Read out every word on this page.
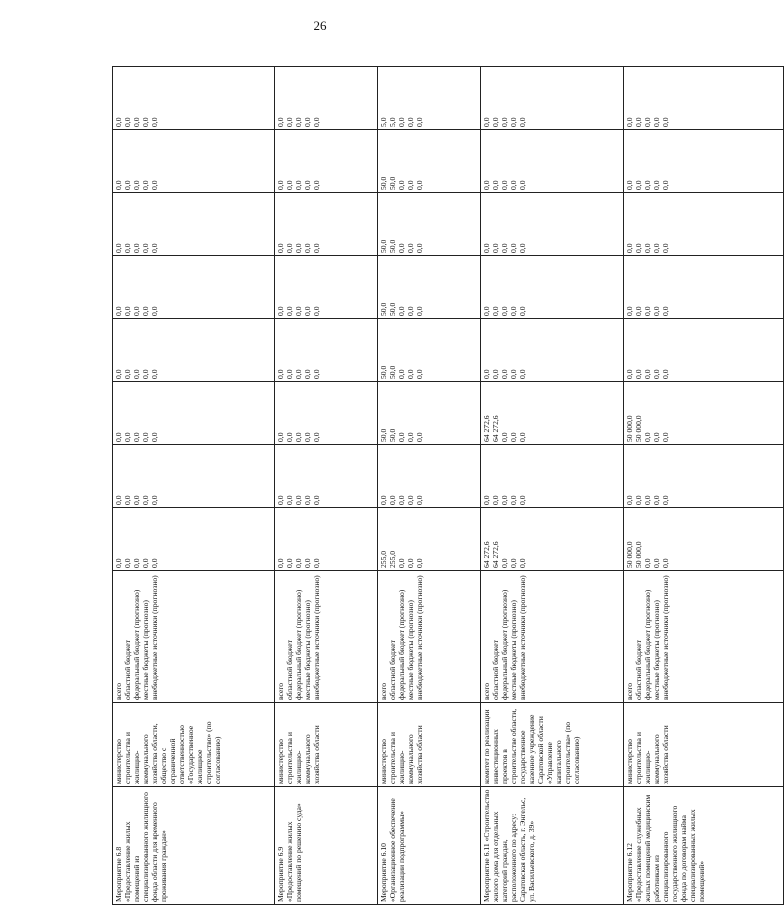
26
Мероприятие 6.8 «Предоставление жилых помещений из специализированного жилищного фонда области для временного проживания граждан»	министерство строительства и жилищно-коммунального хозяйства области, общество с ограниченной ответственностью «Государственное жилищное строительство» (по согласованию)	всего областной бюджет федеральный бюджет (прогнозно) местные бюджеты (прогнозно) внебюджетные источники (прогнозно)	0,0 0,0 0,0 0,0 0,0	0,0 0,0 0,0 0,0 0,0	0,0 0,0 0,0 0,0 0,0	0,0 0,0 0,0 0,0 0,0	0,0 0,0 0,0 0,0 0,0	0,0 0,0 0,0 0,0 0,0	0,0 0,0 0,0 0,0 0,0	0,0 0,0 0,0 0,0 0,0

Мероприятие 6.9 «Предоставление жилых помещений по решению суда»	министерство строительства и жилищно-коммунального хозяйства области	всего областной бюджет федеральный бюджет (прогнозно) местные бюджеты (прогнозно) внебюджетные источники (прогнозно)	0,0 0,0 0,0 0,0 0,0	0,0 0,0 0,0 0,0 0,0	0,0 0,0 0,0 0,0 0,0	0,0 0,0 0,0 0,0 0,0	0,0 0,0 0,0 0,0 0,0	0,0 0,0 0,0 0,0 0,0	0,0 0,0 0,0 0,0 0,0	0,0 0,0 0,0 0,0 0,0

Мероприятие 6.10 «Организационное обеспечение реализации подпрограммы»	министерство строительства и жилищно-коммунального хозяйства области	всего областной бюджет федеральный бюджет (прогнозно) местные бюджеты (прогнозно) внебюджетные источники (прогнозно)	255,0 255,0 0,0 0,0 0,0	0,0 0,0 0,0 0,0 0,0	50,0 50,0 0,0 0,0 0,0	50,0 50,0 0,0 0,0 0,0	50,0 50,0 0,0 0,0 0,0	50,0 50,0 0,0 0,0 0,0	50,0 50,0 0,0 0,0 0,0	5,0 5,0 0,0 0,0 0,0

Мероприятие 6.11 «Строительство жилого дома для отдельных категорий граждан, расположенного по адресу: Саратовская область, г. Энгельс, ул. Васильевского, д. 39»	комитет по реализации инвестиционных проектов в строительстве области, государственное казенное учреждение Саратовской области «Управление капитального строительства» (по согласованию)	всего областной бюджет федеральный бюджет (прогнозно) местные бюджеты (прогнозно) внебюджетные источники (прогнозно)	64 272,6 64 272,6 0,0 0,0 0,0	0,0 0,0 0,0 0,0 0,0	64 272,6 64 272,6 0,0 0,0 0,0	0,0 0,0 0,0 0,0 0,0	0,0 0,0 0,0 0,0 0,0	0,0 0,0 0,0 0,0 0,0	0,0 0,0 0,0 0,0 0,0	0,0 0,0 0,0 0,0 0,0

Мероприятие 6.12 «Предоставление служебных жилых помещений медицинским работникам из специализированного государственного жилищного фонда по договорам найма специализированных жилых помещений»	министерство строительства и жилищно-коммунального хозяйства области	всего областной бюджет федеральный бюджет (прогнозно) местные бюджеты (прогнозно) внебюджетные источники (прогнозно)	50 000,0 50 000,0 0,0 0,0 0,0	0,0 0,0 0,0 0,0 0,0	50 000,0 50 000,0 0,0 0,0 0,0	0,0 0,0 0,0 0,0 0,0	0,0 0,0 0,0 0,0 0,0	0,0 0,0 0,0 0,0 0,0	0,0 0,0 0,0 0,0 0,0	0,0 0,0 0,0 0,0 0,0
